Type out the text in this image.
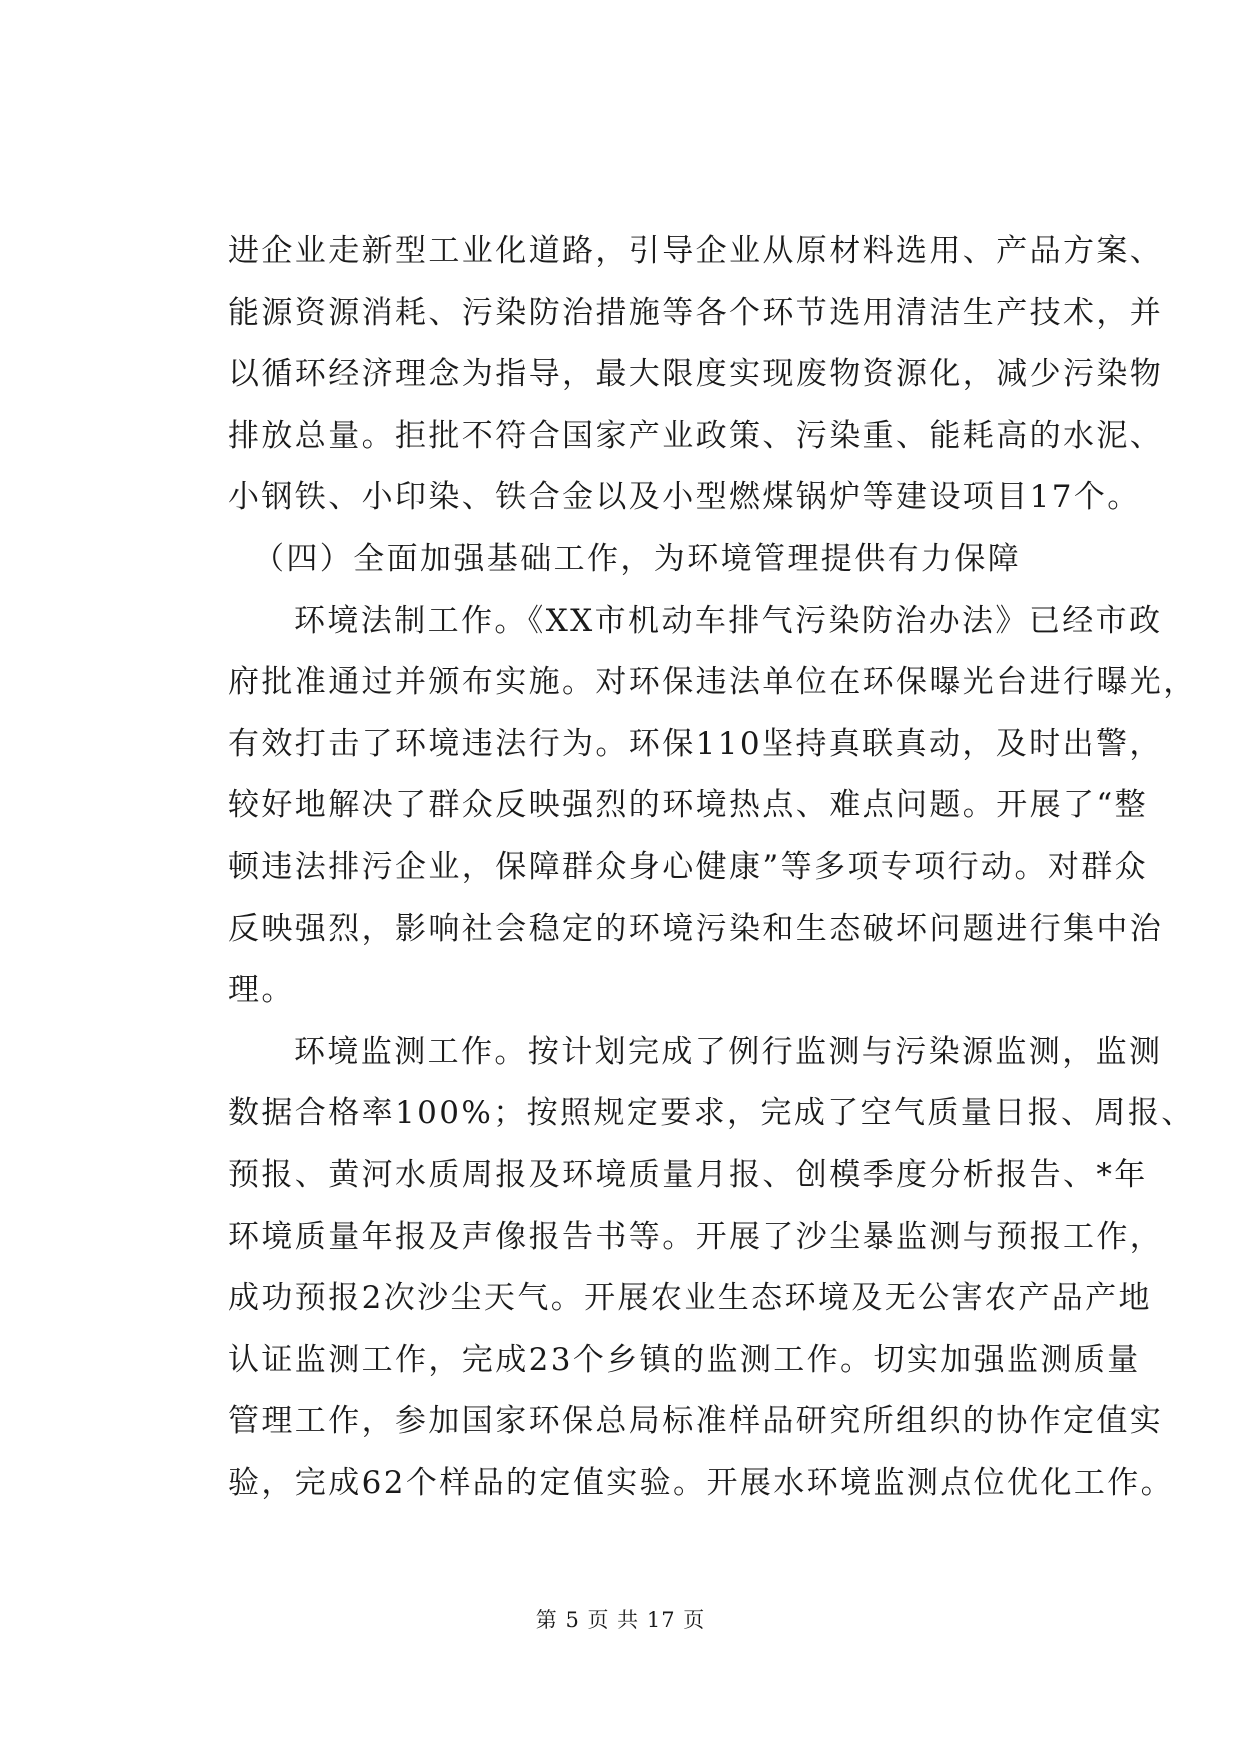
进企业走新型工业化道路，引导企业从原材料选用、产品方案、
能源资源消耗、污染防治措施等各个环节选用清洁生产技术，并
以循环经济理念为指导，最大限度实现废物资源化，减少污染物
排放总量。拒批不符合国家产业政策、污染重、能耗高的水泥、
小钢铁、小印染、铁合金以及小型燃煤锅炉等建设项目17个。
（四）全面加强基础工作，为环境管理提供有力保障
环境法制工作。《XX市机动车排气污染防治办法》已经市政
府批准通过并颁布实施。对环保违法单位在环保曝光台进行曝光，
有效打击了环境违法行为。环保110坚持真联真动，及时出警，
较好地解决了群众反映强烈的环境热点、难点问题。开展了“整
顿违法排污企业，保障群众身心健康”等多项专项行动。对群众
反映强烈，影响社会稳定的环境污染和生态破坏问题进行集中治
理。
环境监测工作。按计划完成了例行监测与污染源监测，监测
数据合格率100%；按照规定要求，完成了空气质量日报、周报、
预报、黄河水质周报及环境质量月报、创模季度分析报告、*年
环境质量年报及声像报告书等。开展了沙尘暴监测与预报工作，
成功预报2次沙尘天气。开展农业生态环境及无公害农产品产地
认证监测工作，完成23个乡镇的监测工作。切实加强监测质量
管理工作，参加国家环保总局标准样品研究所组织的协作定值实
验，完成62个样品的定值实验。开展水环境监测点位优化工作。
第 5 页 共 17 页
